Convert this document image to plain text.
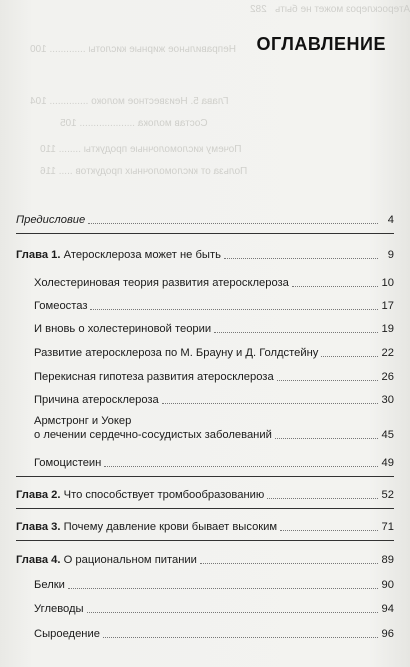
Атеросклероз может не быть   282
Неправильное жирные кислоты ............. 100
Глава 5. Неизвестное молоко .............. 104
Состав молока .................... 105
Почему кисломолочные продукты ........ 110
Польза от кисломолочных продуктов ..... 116
ОГЛАВЛЕНИЕ
Предисловие	4
Глава 1. Атеросклероза может не быть	9
Холестериновая теория развития атеросклероза	10
Гомеостаз	17
И вновь о холестериновой теории	19
Развитие атеросклероза по М. Брауну и Д. Голдстейну	22
Перекисная гипотеза развития атеросклероза	26
Причина атеросклероза	30
Армстронг и Уокер
о лечении сердечно-сосудистых заболеваний	45
Гомоцистеин	49
Глава 2. Что способствует тромбообразованию	52
Глава 3. Почему давление крови бывает высоким	71
Глава 4. О рациональном питании	89
Белки	90
Углеводы	94
Сыроедение	96
